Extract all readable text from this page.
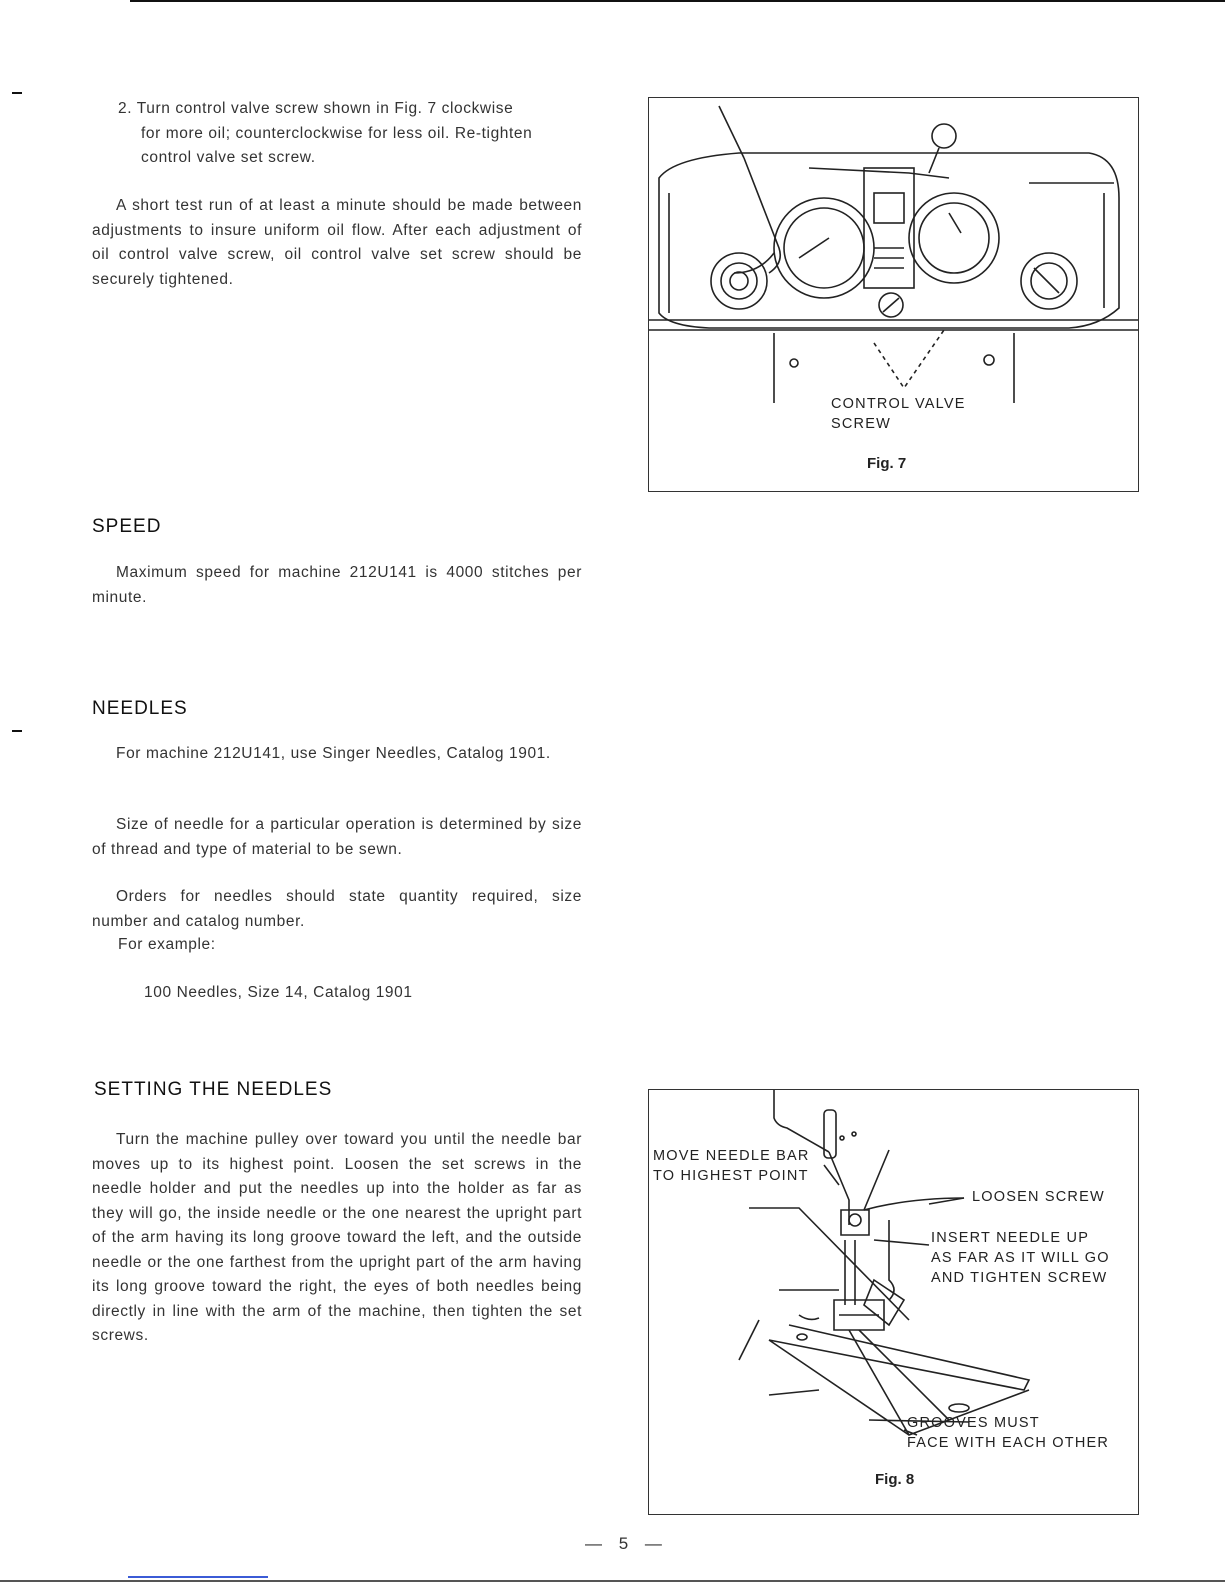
2. Turn control valve screw shown in Fig. 7 clockwise
for more oil; counterclockwise for less oil. Re-tighten
control valve set screw.

A short test run of at least a minute should be made between adjustments to insure uniform oil flow. After each adjustment of oil control valve screw, oil control valve set screw should be securely tightened.

SPEED

Maximum speed for machine 212U141 is 4000 stitches per minute.

NEEDLES

For machine 212U141, use Singer Needles, Catalog 1901.

Size of needle for a particular operation is determined by size of thread and type of material to be sewn.

Orders for needles should state quantity required, size number and catalog number.

For example:
100 Needles, Size 14, Catalog 1901
SETTING THE NEEDLES

Turn the machine pulley over toward you until the needle bar moves up to its highest point. Loosen the set screws in the needle holder and put the needles up into the holder as far as they will go, the inside needle or the one nearest the upright part of the arm having its long groove toward the left, and the outside needle or the one farthest from the upright part of the arm having its long groove toward the right, the eyes of both needles being directly in line with the arm of the machine, then tighten the set screws.

CONTROL VALVE
SCREW
Fig. 7
MOVE NEEDLE BAR
TO HIGHEST POINT
LOOSEN SCREW
INSERT NEEDLE UP
AS FAR AS IT WILL GO
AND TIGHTEN SCREW
GROOVES MUST
FACE WITH EACH OTHER
Fig. 8
— 5 —
